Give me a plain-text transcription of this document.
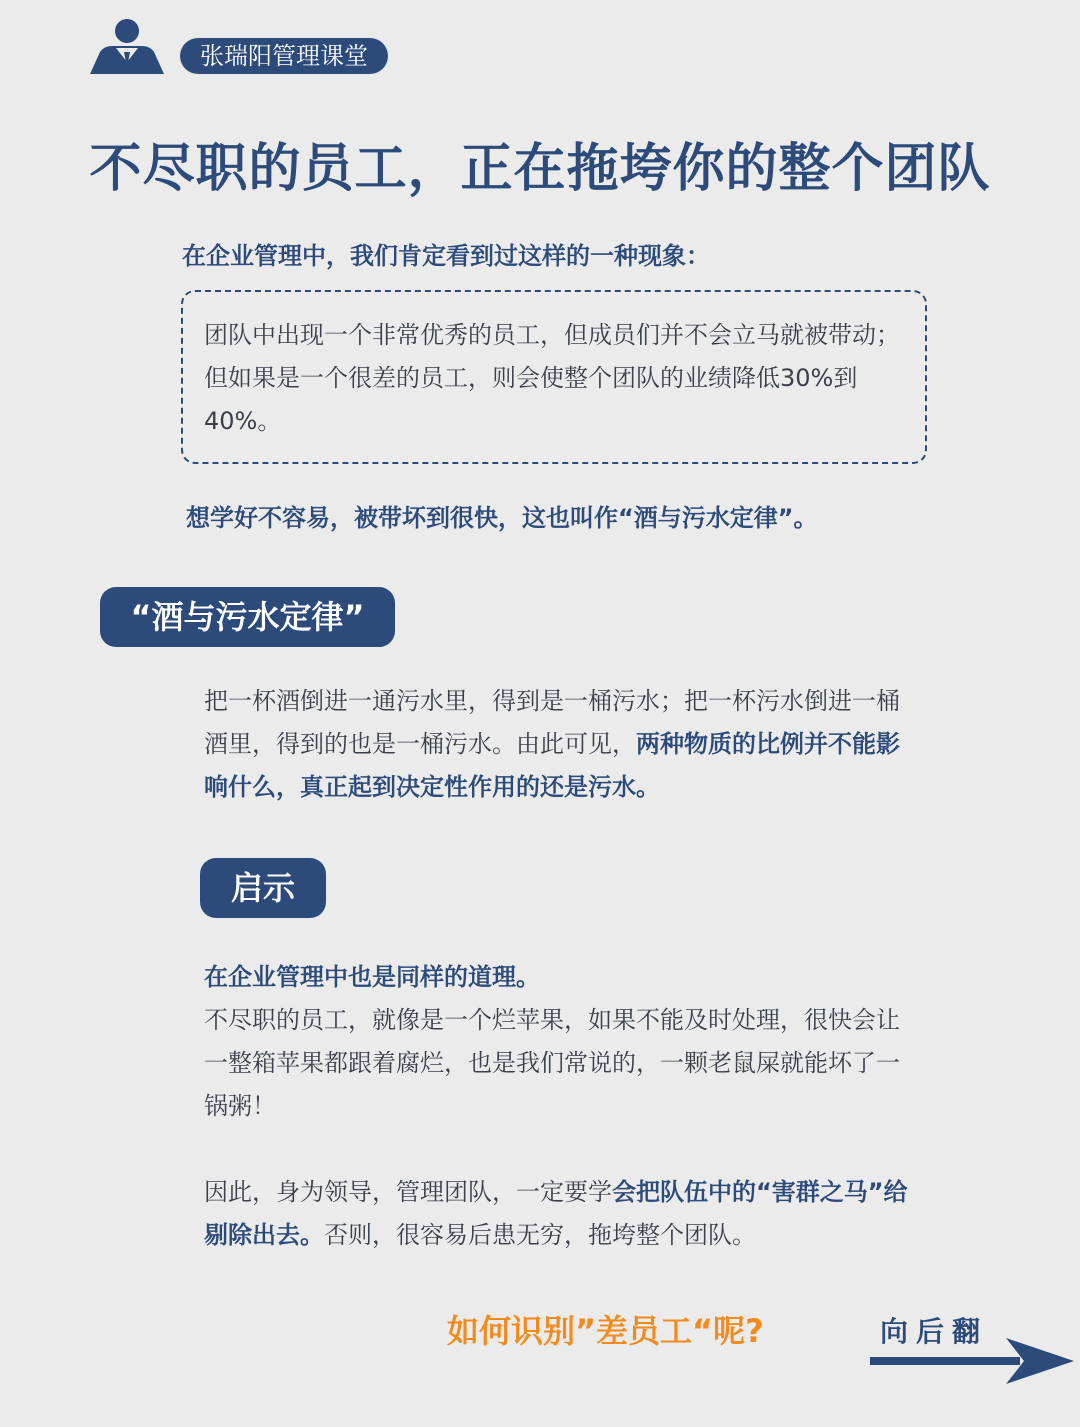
张瑞阳管理课堂
不尽职的员工，正在拖垮你的整个团队
在企业管理中，我们肯定看到过这样的一种现象：
团队中出现一个非常优秀的员工，但成员们并不会立马就被带动；但如果是一个很差的员工，则会使整个团队的业绩降低30%到40%。
想学好不容易，被带坏到很快，这也叫作“酒与污水定律”。
“酒与污水定律”
把一杯酒倒进一通污水里，得到是一桶污水；把一杯污水倒进一桶酒里，得到的也是一桶污水。由此可见，两种物质的比例并不能影响什么，真正起到决定性作用的还是污水。
启示
在企业管理中也是同样的道理。
不尽职的员工，就像是一个烂苹果，如果不能及时处理，很快会让一整箱苹果都跟着腐烂，也是我们常说的，一颗老鼠屎就能坏了一锅粥！
因此，身为领导，管理团队，一定要学会把队伍中的“害群之马”给剔除出去。否则，很容易后患无穷，拖垮整个团队。
如何识别”差员工“呢?	向后翻
